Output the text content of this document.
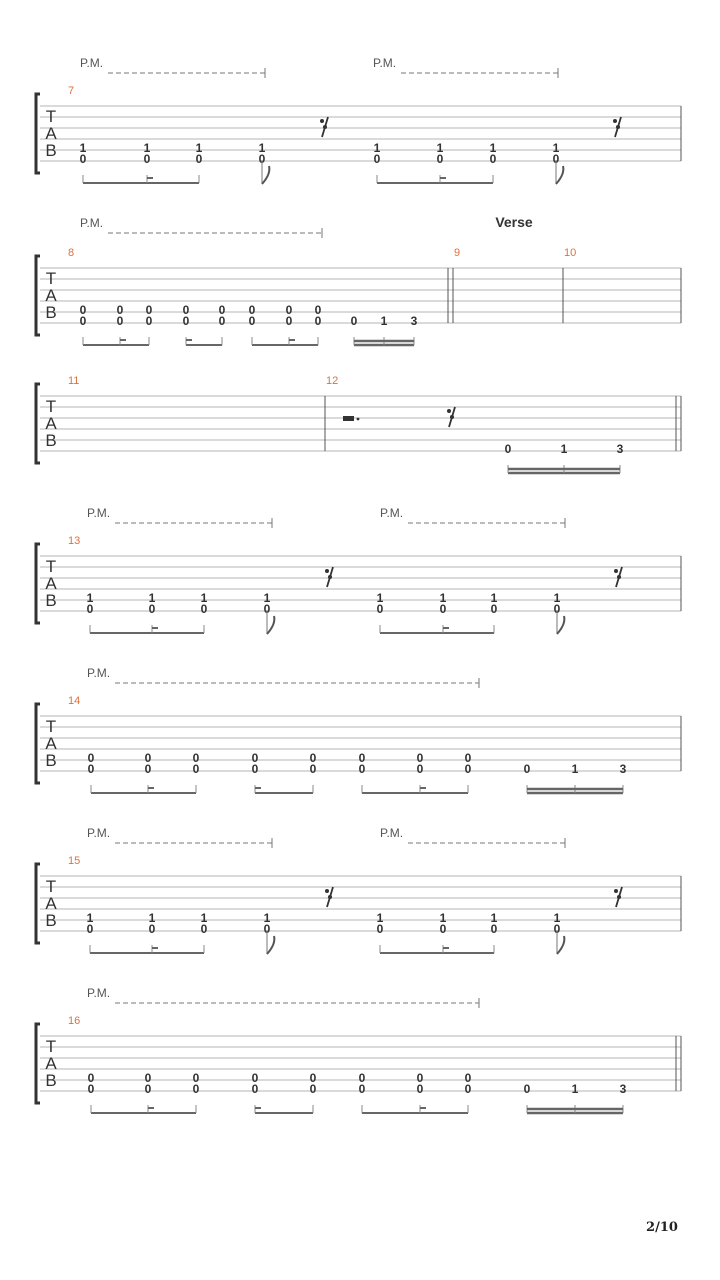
T
A
B
P.M.	P.M.
7
1
0
1
0
1
0
1
0
1
0
1
0
1
0
1
0
T
A
B
P.M.	Verse
8
0
0
0
0
0
0
0
0
0
0
0
0
0
0
0
0 0 1 3
9	10
T
A
B
11	12
0	1	3
T
A
B
P.M.	P.M.
13
1
0
1
0
1
0
1
0
1
0
1
0
1
0
1
0
T
A
B
P.M.
14
0
0
0
0
0
0
0
0
0
0
0
0
0
0
0
0	0	1	3
T
A
B
P.M.	P.M.
15
1
0
1
0
1
0
1
0
1
0
1
0
1
0
1
0
T
A
B
P.M.
16
0
0
0
0
0
0
0
0
0
0
0
0
0
0
0
0	0	1	3
2/10
